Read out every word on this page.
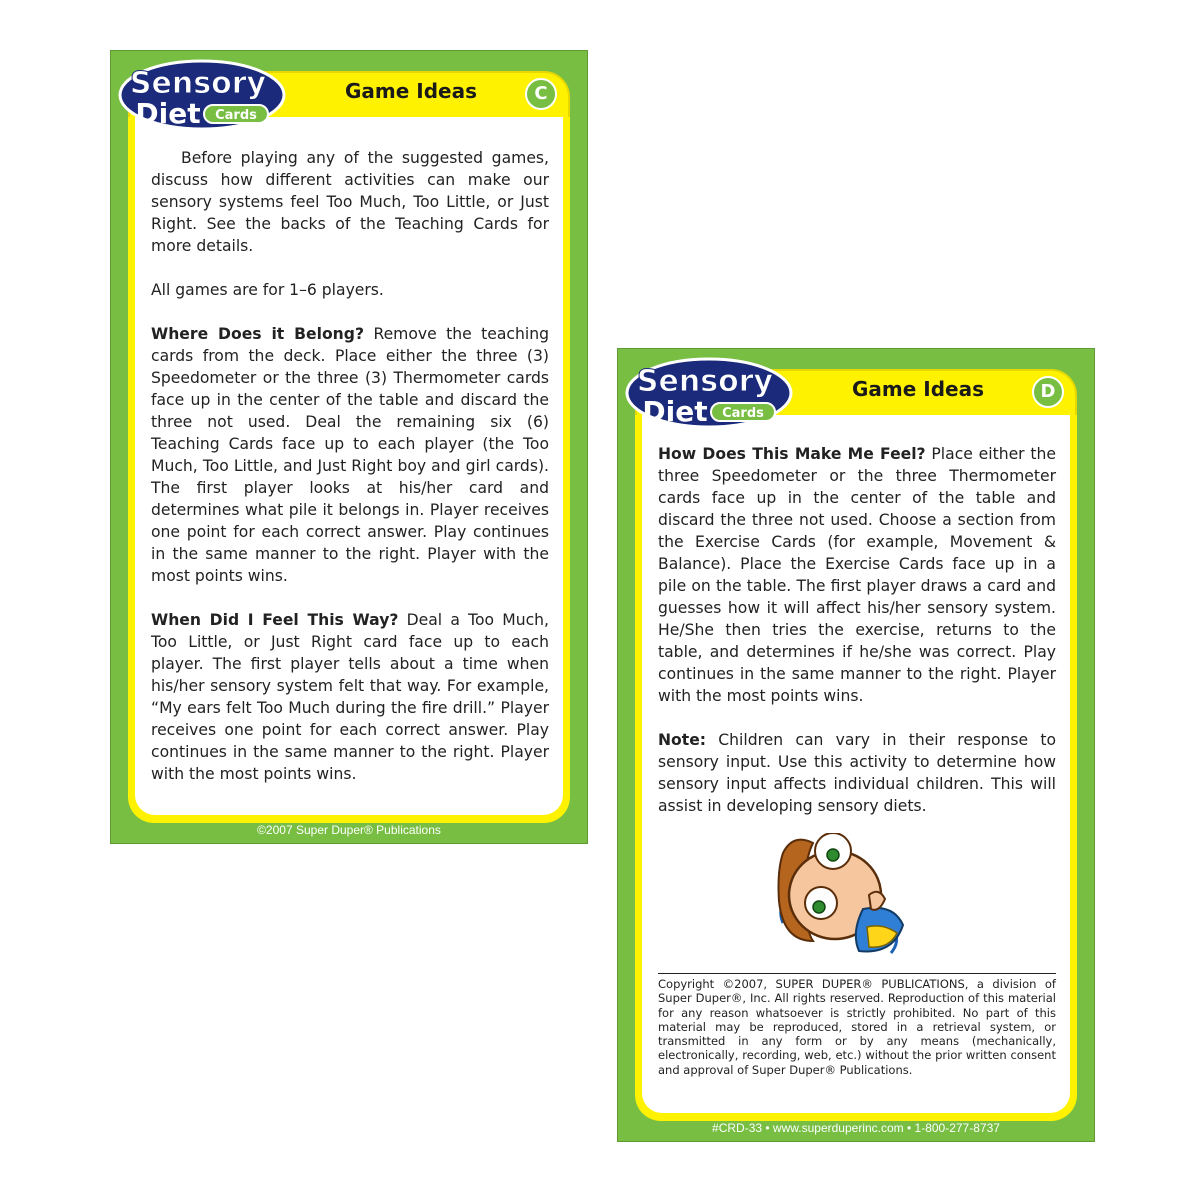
Sensory
Diet Cards
Game Ideas	C

Before playing any of the suggested games, discuss how different activities can make our sensory systems feel Too Much, Too Little, or Just Right. See the backs of the Teaching Cards for more details.

All games are for 1–6 players.

Where Does it Belong? Remove the teaching cards from the deck. Place either the three (3) Speedometer or the three (3) Thermometer cards face up in the center of the table and discard the three not used. Deal the remaining six (6) Teaching Cards face up to each player (the Too Much, Too Little, and Just Right boy and girl cards). The first player looks at his/her card and determines what pile it belongs in. Player receives one point for each correct answer. Play continues in the same manner to the right. Player with the most points wins.

When Did I Feel This Way? Deal a Too Much, Too Little, or Just Right card face up to each player. The first player tells about a time when his/her sensory system felt that way. For example, “My ears felt Too Much during the fire drill.” Player receives one point for each correct answer. Play continues in the same manner to the right. Player with the most points wins.

©2007 Super Duper® Publications
Sensory
Diet Cards
Game Ideas	D

How Does This Make Me Feel? Place either the three Speedometer or the three Thermometer cards face up in the center of the table and discard the three not used. Choose a section from the Exercise Cards (for example, Movement & Balance). Place the Exercise Cards face up in a pile on the table. The first player draws a card and guesses how it will affect his/her sensory system. He/She then tries the exercise, returns to the table, and determines if he/she was correct. Play continues in the same manner to the right. Player with the most points wins.

Note: Children can vary in their response to sensory input. Use this activity to determine how sensory input affects individual children. This will assist in developing sensory diets.

Copyright ©2007, SUPER DUPER® PUBLICATIONS, a division of Super Duper®, Inc. All rights reserved. Reproduction of this material for any reason whatsoever is strictly prohibited. No part of this material may be reproduced, stored in a retrieval system, or transmitted in any form or by any means (mechanically, electronically, recording, web, etc.) without the prior written consent and approval of Super Duper® Publications.
#CRD-33 • www.superduperinc.com • 1-800-277-8737
